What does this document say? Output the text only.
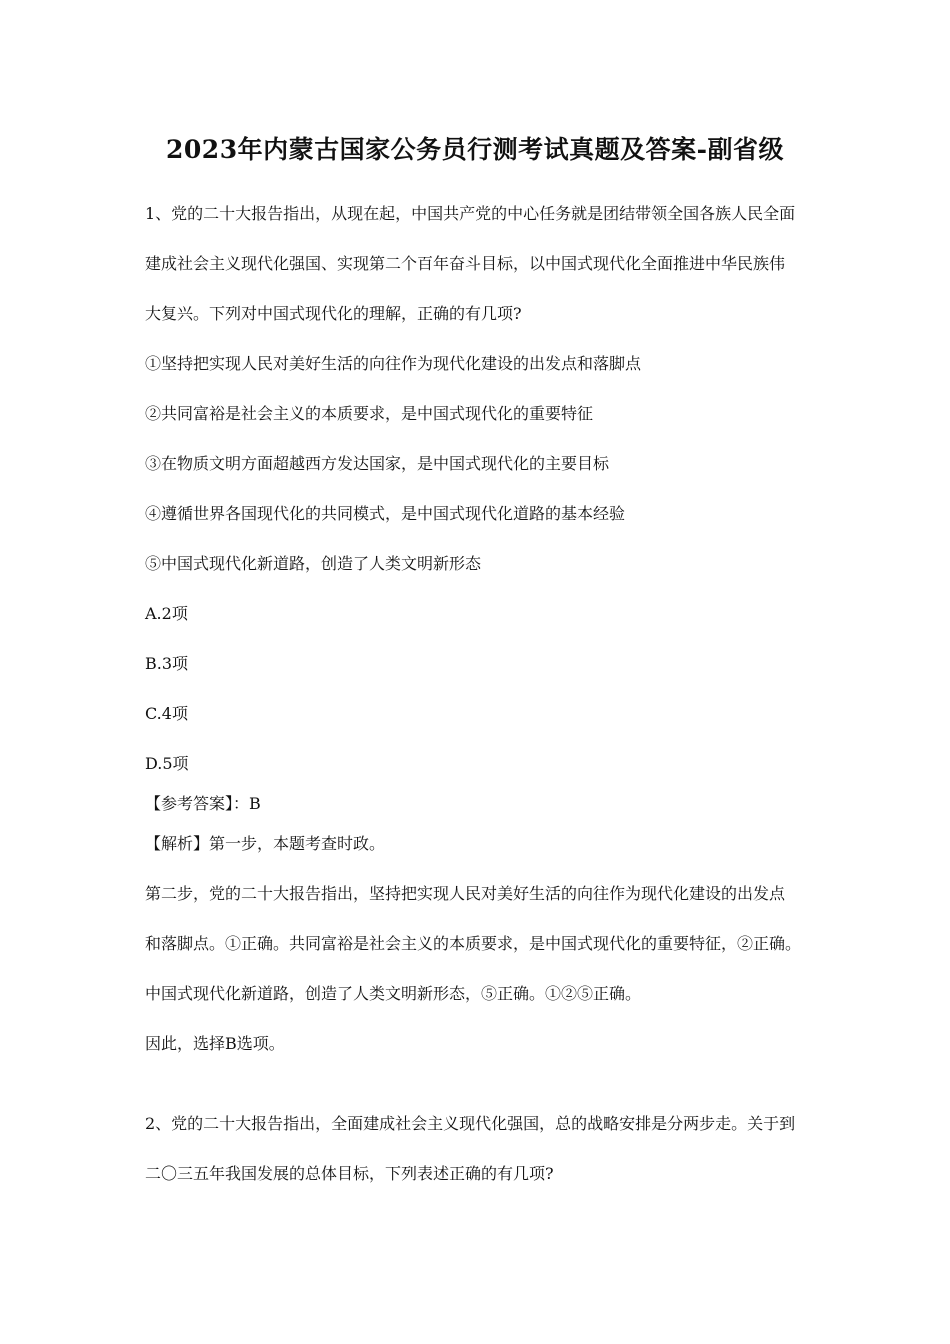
2023年内蒙古国家公务员行测考试真题及答案-副省级
1、党的二十大报告指出，从现在起，中国共产党的中心任务就是团结带领全国各族人民全面
建成社会主义现代化强国、实现第二个百年奋斗目标，以中国式现代化全面推进中华民族伟
大复兴。下列对中国式现代化的理解，正确的有几项?
①坚持把实现人民对美好生活的向往作为现代化建设的出发点和落脚点
②共同富裕是社会主义的本质要求，是中国式现代化的重要特征
③在物质文明方面超越西方发达国家，是中国式现代化的主要目标
④遵循世界各国现代化的共同模式，是中国式现代化道路的基本经验
⑤中国式现代化新道路，创造了人类文明新形态
A.2项
B.3项
C.4项
D.5项
【参考答案】：B
【解析】第一步，本题考查时政。
第二步，党的二十大报告指出，坚持把实现人民对美好生活的向往作为现代化建设的出发点
和落脚点。①正确。共同富裕是社会主义的本质要求，是中国式现代化的重要特征，②正确。
中国式现代化新道路，创造了人类文明新形态，⑤正确。①②⑤正确。
因此，选择B选项。
2、党的二十大报告指出，全面建成社会主义现代化强国，总的战略安排是分两步走。关于到
二〇三五年我国发展的总体目标，下列表述正确的有几项?
